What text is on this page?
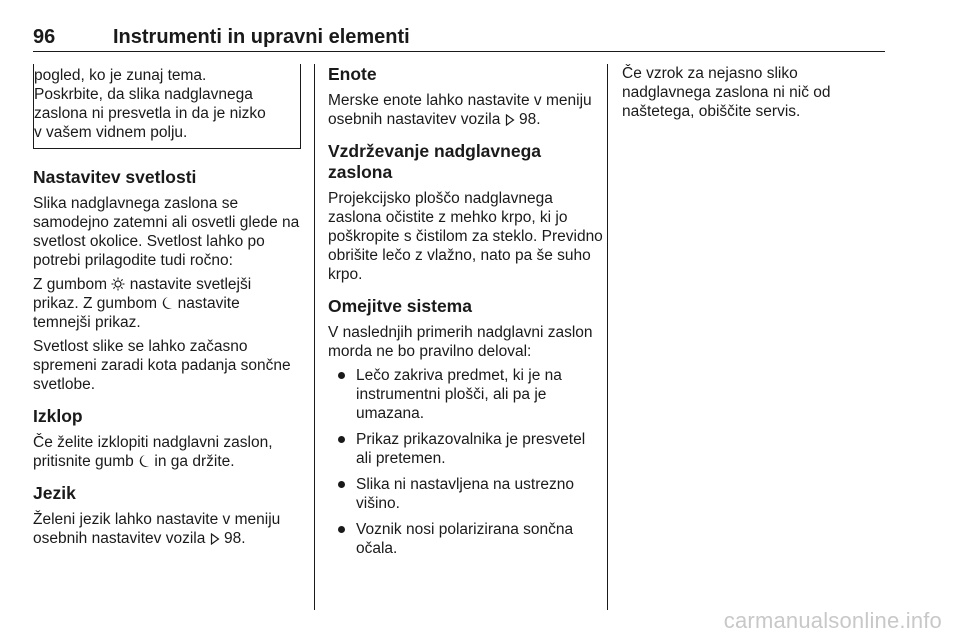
96	Instrumenti in upravni elementi

pogled, ko je zunaj tema.

Poskrbite, da slika nadglavnega

zaslona ni presvetla in da je nizko

v vašem vidnem polju.

Nastavitev svetlosti

Slika nadglavnega zaslona se samodejno zatemni ali osvetli glede na svetlost okolice. Svetlost lahko po potrebi prilagodite tudi ročno:

Z gumbom nastavite svetlejši prikaz. Z gumbom nastavite temnejši prikaz.

Svetlost slike se lahko začasno spremeni zaradi kota padanja sončne svetlobe.

Izklop

Če želite izklopiti nadglavni zaslon, pritisnite gumb in ga držite.

Jezik

Želeni jezik lahko nastavite v meniju osebnih nastavitev vozila 98.

Enote

Merske enote lahko nastavite v meniju osebnih nastavitev vozila 98.

Vzdrževanje nadglavnega zaslona

Projekcijsko ploščo nadglavnega zaslona očistite z mehko krpo, ki jo poškropite s čistilom za steklo. Previdno obrišite lečo z vlažno, nato pa še suho krpo.

Omejitve sistema

V naslednjih primerih nadglavni zaslon morda ne bo pravilno deloval:

Lečo zakriva predmet, ki je na instrumentni plošči, ali pa je umazana.
Prikaz prikazovalnika je presvetel ali pretemen.
Slika ni nastavljena na ustrezno višino.
Voznik nosi polarizirana sončna očala.

Če vzrok za nejasno sliko nadglavnega zaslona ni nič od naštetega, obiščite servis.

carmanualsonline.info
